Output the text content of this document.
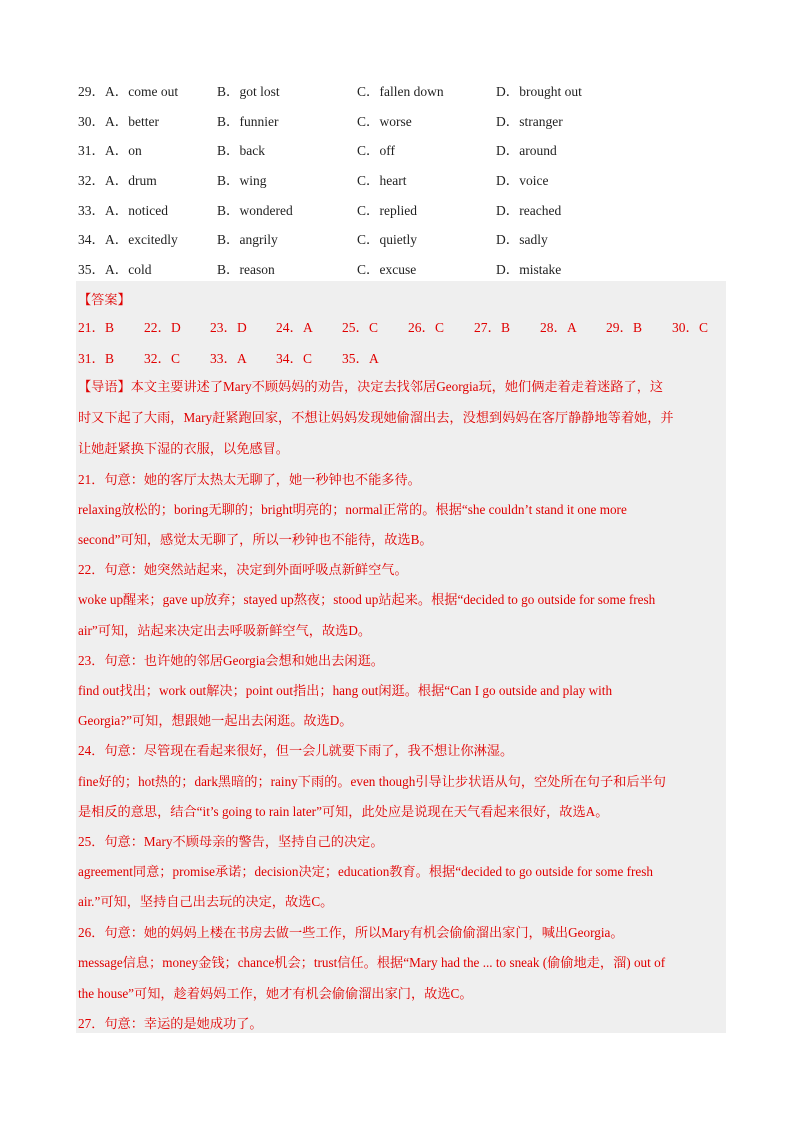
29．A．come out	B．got lost	C．fallen down	D．brought out
30．A．better	B．funnier	C．worse	D．stranger
31．A．on	B．back	C．off	D．around
32．A．drum	B．wing	C．heart	D．voice
33．A．noticed	B．wondered	C．replied	D．reached
34．A．excitedly	B．angrily	C．quietly	D．sadly
35．A．cold	B．reason	C．excuse	D．mistake
【答案】
21．B 22．D 23．D 24．A 25．C 26．C 27．B 28．A 29．B 30．C
31．B 32．C 33．A 34．C 35．A
【导语】本文主要讲述了Mary不顾妈妈的劝告，决定去找邻居Georgia玩，她们俩走着走着迷路了，这
时又下起了大雨，Mary赶紧跑回家，不想让妈妈发现她偷溜出去，没想到妈妈在客厅静静地等着她，并
让她赶紧换下湿的衣服，以免感冒。
21．句意：她的客厅太热太无聊了，她一秒钟也不能多待。
relaxing放松的；boring无聊的；bright明亮的；normal正常的。根据“she couldn’t stand it one more
second”可知，感觉太无聊了，所以一秒钟也不能待，故选B。
22．句意：她突然站起来，决定到外面呼吸点新鲜空气。
woke up醒来；gave up放弃；stayed up熬夜；stood up站起来。根据“decided to go outside for some fresh
air”可知，站起来决定出去呼吸新鲜空气，故选D。
23．句意：也许她的邻居Georgia会想和她出去闲逛。
find out找出；work out解决；point out指出；hang out闲逛。根据“Can I go outside and play with
Georgia?”可知，想跟她一起出去闲逛。故选D。
24．句意：尽管现在看起来很好，但一会儿就要下雨了，我不想让你淋湿。
fine好的；hot热的；dark黑暗的；rainy下雨的。even though引导让步状语从句，空处所在句子和后半句
是相反的意思，结合“it’s going to rain later”可知，此处应是说现在天气看起来很好，故选A。
25．句意：Mary不顾母亲的警告，坚持自己的决定。
agreement同意；promise承诺；decision决定；education教育。根据“decided to go outside for some fresh
air.”可知，坚持自己出去玩的决定，故选C。
26．句意：她的妈妈上楼在书房去做一些工作，所以Mary有机会偷偷溜出家门，喊出Georgia。
message信息；money金钱；chance机会；trust信任。根据“Mary had the ... to sneak (偷偷地走，溜) out of
the house”可知，趁着妈妈工作，她才有机会偷偷溜出家门，故选C。
27．句意：幸运的是她成功了。
